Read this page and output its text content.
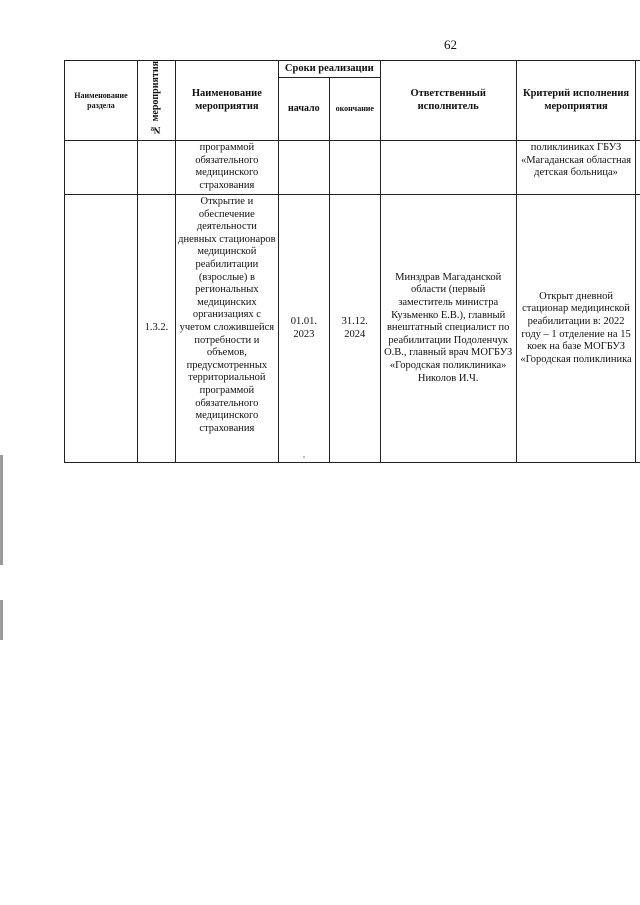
62
Наименование раздела	№ мероприятия	Наименование мероприятия	Сроки реализации		Ответственный исполнитель	Критерий исполнения мероприятия	

			начало	окончание			

		программой обязательного медицинского страхования				поликлиниках ГБУЗ «Магаданская областная детская больница»	

	1.3.2.	Открытие и обеспечение деятельности дневных стационаров медицинской реабилитации (взрослые) в региональных медицинских организациях с учетом сложившейся потребности и объемов, предусмотренных территориальной программой обязательного медицинского страхования	01.01. 2023	31.12. 2024	Минздрав Магаданской области (первый заместитель министра Кузьменко Е.В.), главный внештатный специалист по реабилитации Подоленчук О.В., главный врач МОГБУЗ «Городская поликлиника» Николов И.Ч.	Открыт дневной стационар медицинской реабилитации в: 2022 году – 1 отделение на 15 коек на базе МОГБУЗ «Городская поликлиника	
